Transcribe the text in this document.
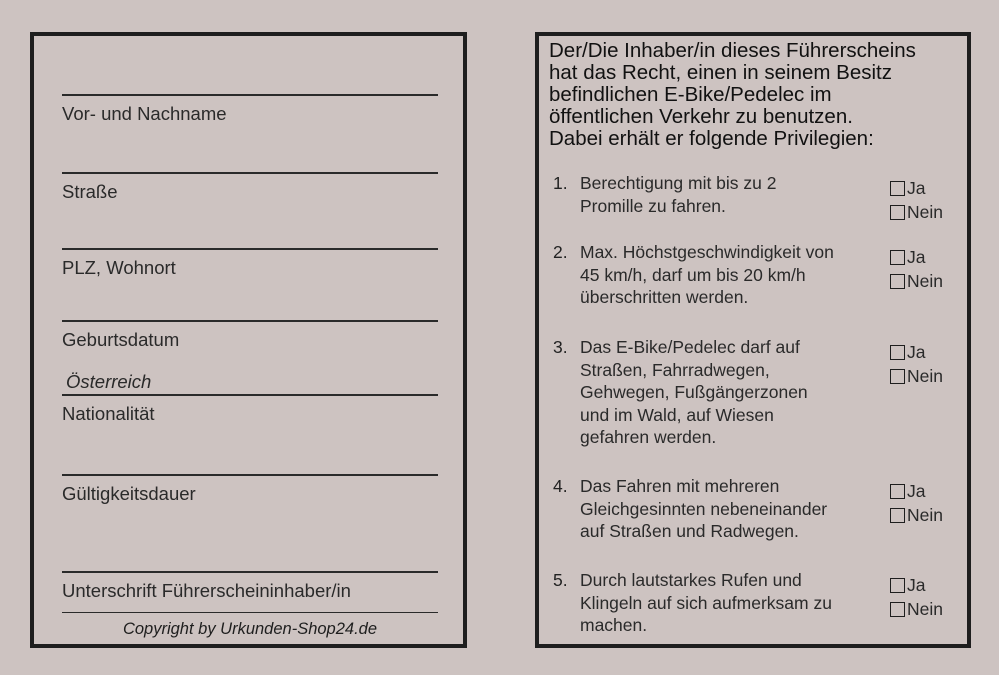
Vor- und Nachname
Straße
PLZ, Wohnort
Geburtsdatum
Österreich
Nationalität
Gültigkeitsdauer
Unterschrift Führerscheininhaber/in
Copyright by Urkunden-Shop24.de
Der/Die Inhaber/in dieses Führerscheins
hat das Recht, einen in seinem Besitz
befindlichen E-Bike/Pedelec im
öffentlichen Verkehr zu benutzen.
Dabei erhält er folgende Privilegien:
1. Berechtigung mit bis zu 2
Promille zu fahren.
Ja
Nein
2. Max. Höchstgeschwindigkeit von
45 km/h, darf um bis 20 km/h
überschritten werden.
Ja
Nein
3. Das E-Bike/Pedelec darf auf
Straßen, Fahrradwegen,
Gehwegen, Fußgängerzonen
und im Wald, auf Wiesen
gefahren werden.
Ja
Nein
4. Das Fahren mit mehreren
Gleichgesinnten nebeneinander
auf Straßen und Radwegen.
Ja
Nein
5. Durch lautstarkes Rufen und
Klingeln auf sich aufmerksam zu
machen.
Ja
Nein
